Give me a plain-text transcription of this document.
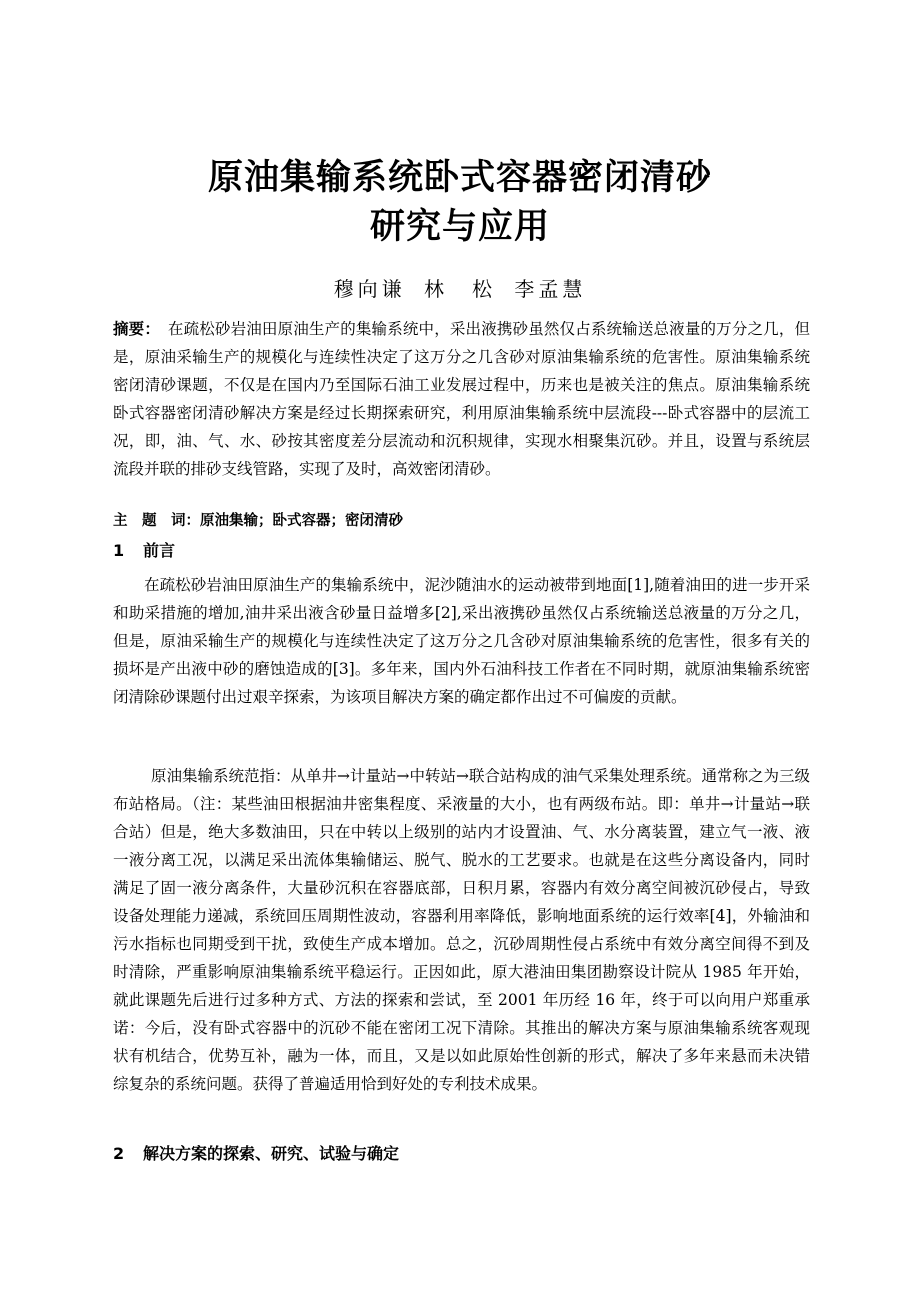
原油集输系统卧式容器密闭清砂
研究与应用
穆向谦 林　松 李孟慧
摘要：　在疏松砂岩油田原油生产的集输系统中，采出液携砂虽然仅占系统输送总液量的万分之几，但是，原油采输生产的规模化与连续性决定了这万分之几含砂对原油集输系统的危害性。原油集输系统密闭清砂课题，不仅是在国内乃至国际石油工业发展过程中，历来也是被关注的焦点。原油集输系统卧式容器密闭清砂解决方案是经过长期探索研究，利用原油集输系统中层流段---卧式容器中的层流工况，即，油、气、水、砂按其密度差分层流动和沉积规律，实现水相聚集沉砂。并且，设置与系统层流段并联的排砂支线管路，实现了及时，高效密闭清砂。
主　题　词：原油集输；卧式容器；密闭清砂
1 前言
在疏松砂岩油田原油生产的集输系统中，泥沙随油水的运动被带到地面[1],随着油田的进一步开采和助采措施的增加,油井采出液含砂量日益增多[2],采出液携砂虽然仅占系统输送总液量的万分之几，但是，原油采输生产的规模化与连续性决定了这万分之几含砂对原油集输系统的危害性，很多有关的损坏是产出液中砂的磨蚀造成的[3]。多年来，国内外石油科技工作者在不同时期，就原油集输系统密闭清除砂课题付出过艰辛探索，为该项目解决方案的确定都作出过不可偏废的贡献。
原油集输系统范指：从单井→计量站→中转站→联合站构成的油气采集处理系统。通常称之为三级布站格局。（注：某些油田根据油井密集程度、采液量的大小，也有两级布站。即：单井→计量站→联合站）但是，绝大多数油田，只在中转以上级别的站内才设置油、气、水分离装置，建立气一液、液一液分离工况，以满足采出流体集输储运、脱气、脱水的工艺要求。也就是在这些分离设备内，同时满足了固一液分离条件，大量砂沉积在容器底部，日积月累，容器内有效分离空间被沉砂侵占，导致设备处理能力递减，系统回压周期性波动，容器利用率降低，影响地面系统的运行效率[4]，外输油和污水指标也同期受到干扰，致使生产成本增加。总之，沉砂周期性侵占系统中有效分离空间得不到及时清除，严重影响原油集输系统平稳运行。正因如此，原大港油田集团勘察设计院从 1985 年开始，就此课题先后进行过多种方式、方法的探索和尝试，至 2001 年历经 16 年，终于可以向用户郑重承诺：今后，没有卧式容器中的沉砂不能在密闭工况下清除。其推出的解决方案与原油集输系统客观现状有机结合，优势互补，融为一体，而且，又是以如此原始性创新的形式，解决了多年来悬而未决错综复杂的系统问题。获得了普遍适用恰到好处的专利技术成果。
2 解决方案的探索、研究、试验与确定
